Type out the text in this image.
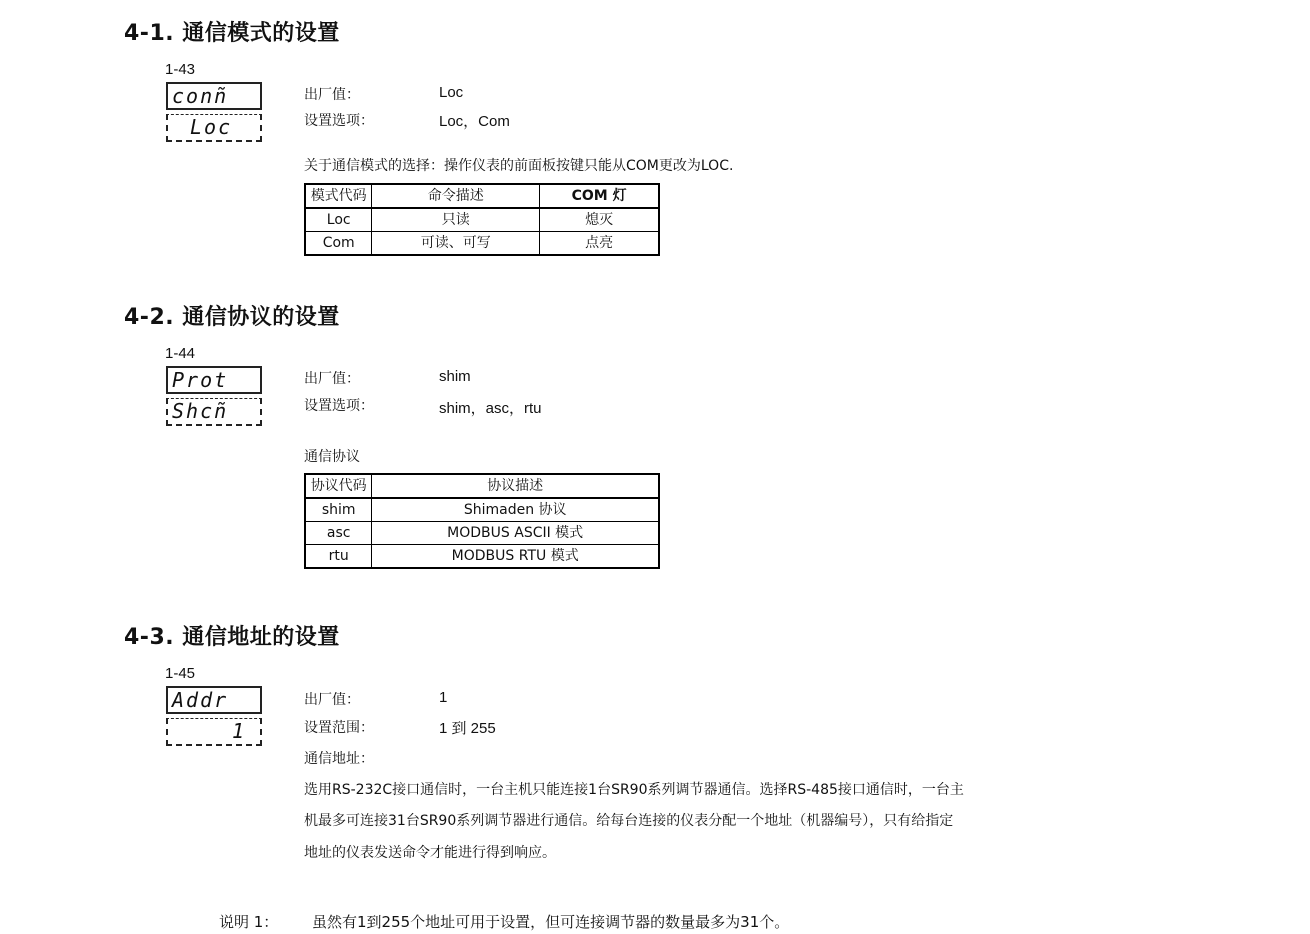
4-1. 通信模式的设置
1-43
conñ
Loc
出厂值：	Loc
设置选项：	Loc，Com
关于通信模式的选择：操作仪表的前面板按键只能从COM更改为LOC.
模式代码	命令描述	COM 灯
Loc	只读	熄灭
Com	可读、可写	点亮
4-2. 通信协议的设置
1-44
Prot
Shcñ
出厂值：	shim
设置选项：	shim，asc，rtu
通信协议
协议代码	协议描述
shim	Shimaden 协议
asc	MODBUS ASCII 模式
rtu	MODBUS RTU 模式
4-3. 通信地址的设置
1-45
Addr
1
出厂值：	1
设置范围：	1 到 255
通信地址：
选用RS-232C接口通信时，一台主机只能连接1台SR90系列调节器通信。选择RS-485接口通信时，一台主
机最多可连接31台SR90系列调节器进行通信。给每台连接的仪表分配一个地址（机器编号），只有给指定
地址的仪表发送命令才能进行得到响应。
说明 1： 虽然有1到255个地址可用于设置，但可连接调节器的数量最多为31个。
